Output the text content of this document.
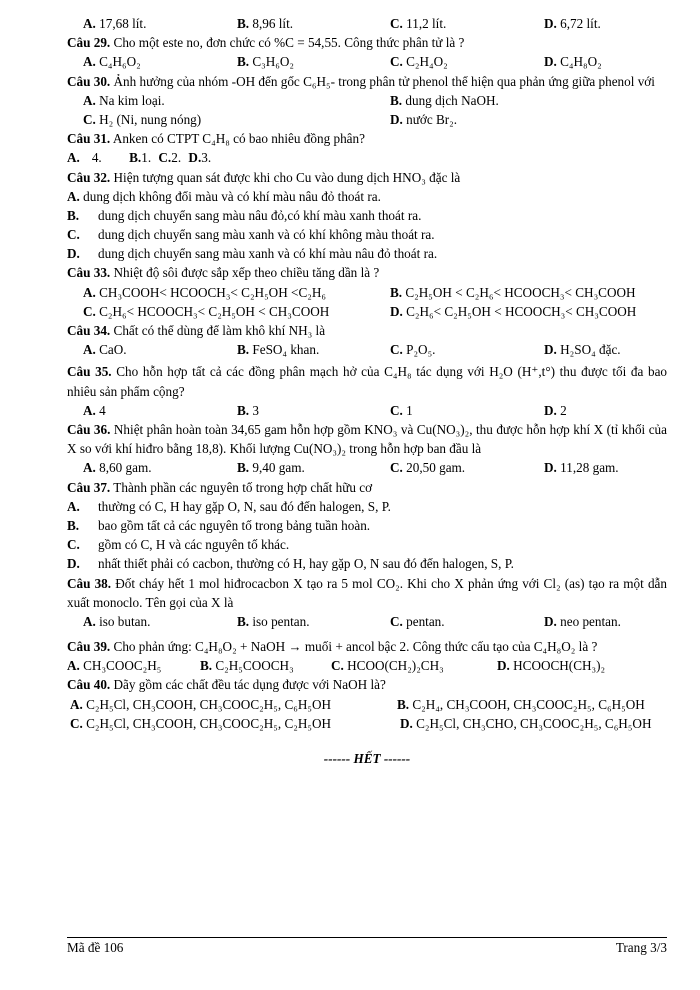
A. 17,68 lít.	B. 8,96 lít.	C. 11,2 lít.	D. 6,72 lít.
Câu 29. Cho một este no, đơn chức có %C = 54,55. Công thức phân tử là ?
A. C₄H₆O₂	B. C₃H₆O₂	C. C₂H₄O₂	D. C₄H₈O₂
Câu 30. Ảnh hưởng của nhóm -OH đến gốc C₆H₅- trong phân tử phenol thể hiện qua phản ứng giữa phenol với
A. Na kim loại.	B. dung dịch NaOH.
C. H₂ (Ni, nung nóng)	D. nước Br₂.
Câu 31. Anken có CTPT C₄H₈ có bao nhiêu đồng phân?
A. 4. B.1. C.2. D.3.
Câu 32. Hiện tượng quan sát được khi cho Cu vào dung dịch HNO₃ đặc là
A. dung dịch không đổi màu và có khí màu nâu đỏ thoát ra.
B. dung dịch chuyển sang màu nâu đỏ,có khí màu xanh thoát ra.
C. dung dịch chuyển sang màu xanh và có khí không màu thoát ra.
D. dung dịch chuyển sang màu xanh và có khí màu nâu đỏ thoát ra.
Câu 33. Nhiệt độ sôi được sắp xếp theo chiều tăng dần là ?
A. CH₃COOH< HCOOCH₃< C₂H₅OH <C₂H₆	B. C₂H₅OH < C₂H₆< HCOOCH₃< CH₃COOH
C. C₂H₆< HCOOCH₃< C₂H₅OH < CH₃COOH	D. C₂H₆< C₂H₅OH < HCOOCH₃< CH₃COOH
Câu 34. Chất có thể dùng để làm khô khí NH₃ là
A. CaO.	B. FeSO₄ khan.	C. P₂O₅.	D. H₂SO₄ đặc.
Câu 35. Cho hỗn hợp tất cả các đồng phân mạch hở của C₄H₈ tác dụng với H₂O (H⁺,t°) thu được tối đa bao nhiêu sản phẩm cộng?
A. 4	B. 3	C. 1	D. 2
Câu 36. Nhiệt phân hoàn toàn 34,65 gam hỗn hợp gồm KNO₃ và Cu(NO₃)₂, thu được hỗn hợp khí X (tỉ khối của X so với khí hiđro bằng 18,8). Khối lượng Cu(NO₃)₂ trong hỗn hợp ban đầu là
A. 8,60 gam.	B. 9,40 gam.	C. 20,50 gam.	D. 11,28 gam.
Câu 37. Thành phần các nguyên tố trong hợp chất hữu cơ
A. thường có C, H hay gặp O, N, sau đó đến halogen, S, P.
B. bao gồm tất cả các nguyên tố trong bảng tuần hoàn.
C. gồm có C, H và các nguyên tố khác.
D. nhất thiết phải có cacbon, thường có H, hay gặp O, N sau đó đến halogen, S, P.
Câu 38. Đốt cháy hết 1 mol hiđrocacbon X tạo ra 5 mol CO₂. Khi cho X phản ứng với Cl₂ (as) tạo ra một dẫn xuất monoclo. Tên gọi của X là
A. iso butan.	B. iso pentan.	C. pentan.	D. neo pentan.
Câu 39. Cho phản ứng: C₄H₈O₂ + NaOH → muối + ancol bậc 2. Công thức cấu tạo của C₄H₈O₂ là ?
A. CH₃COOC₂H₅	B. C₂H₅COOCH₃	C. HCOO(CH₂)₂CH₃	D. HCOOCH(CH₃)₂
Câu 40. Dãy gồm các chất đều tác dụng được với NaOH là?
A. C₂H₅Cl, CH₃COOH, CH₃COOC₂H₅, C₆H₅OH	B. C₂H₄, CH₃COOH, CH₃COOC₂H₅, C₆H₅OH
C. C₂H₅Cl, CH₃COOH, CH₃COOC₂H₅, C₂H₅OH	D. C₂H₅Cl, CH₃CHO, CH₃COOC₂H₅, C₆H₅OH
------ HẾT ------
Mã đề 106	Trang 3/3
